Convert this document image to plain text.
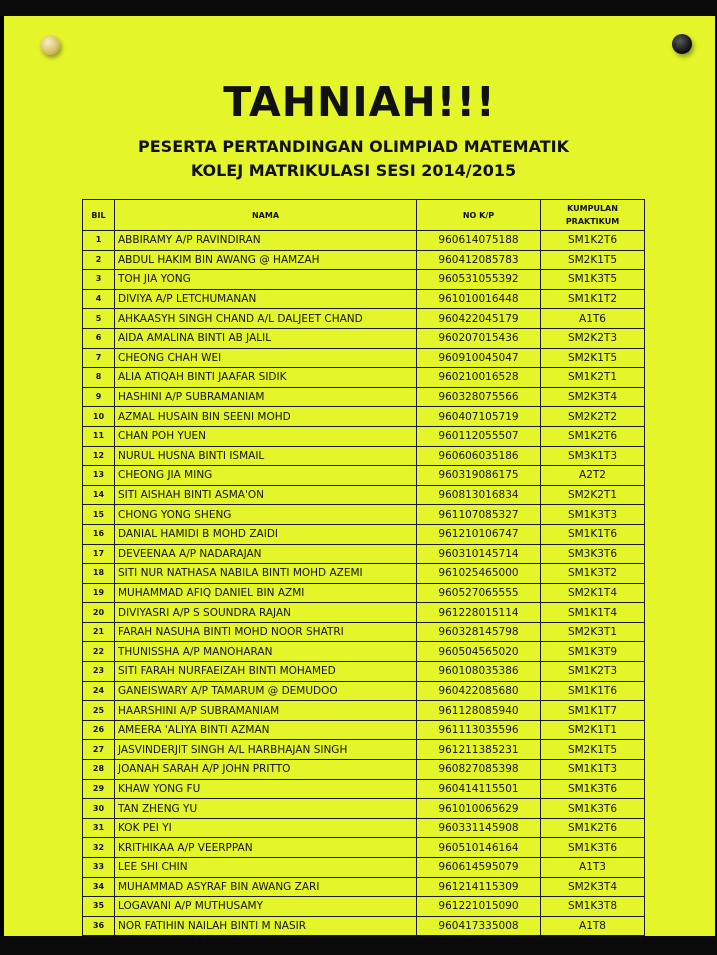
TAHNIAH!!!
PESERTA PERTANDINGAN OLIMPIAD MATEMATIK
KOLEJ MATRIKULASI SESI 2014/2015
BIL	NAMA	NO K/P	KUMPULAN
PRAKTIKUM

1	ABBIRAMY A/P RAVINDIRAN	960614075188	SM1K2T6
2	ABDUL HAKIM BIN AWANG @ HAMZAH	960412085783	SM2K1T5
3	TOH JIA YONG	960531055392	SM1K3T5
4	DIVIYA A/P LETCHUMANAN	961010016448	SM1K1T2
5	AHKAASYH SINGH CHAND A/L DALJEET CHAND	960422045179	A1T6
6	AIDA AMALINA BINTI AB JALIL	960207015436	SM2K2T3
7	CHEONG CHAH WEI	960910045047	SM2K1T5
8	ALIA ATIQAH BINTI JAAFAR SIDIK	960210016528	SM1K2T1
9	HASHINI A/P SUBRAMANIAM	960328075566	SM2K3T4
10	AZMAL HUSAIN BIN SEENI MOHD	960407105719	SM2K2T2
11	CHAN POH YUEN	960112055507	SM1K2T6
12	NURUL HUSNA BINTI ISMAIL	960606035186	SM3K1T3
13	CHEONG JIA MING	960319086175	A2T2
14	SITI AISHAH BINTI ASMA'ON	960813016834	SM2K2T1
15	CHONG YONG SHENG	961107085327	SM1K3T3
16	DANIAL HAMIDI B MOHD ZAIDI	961210106747	SM1K1T6
17	DEVEENAA A/P NADARAJAN	960310145714	SM3K3T6
18	SITI NUR NATHASA NABILA BINTI MOHD AZEMI	961025465000	SM1K3T2
19	MUHAMMAD AFIQ DANIEL BIN AZMI	960527065555	SM2K1T4
20	DIVIYASRI A/P S SOUNDRA RAJAN	961228015114	SM1K1T4
21	FARAH NASUHA BINTI MOHD NOOR SHATRI	960328145798	SM2K3T1
22	THUNISSHA A/P MANOHARAN	960504565020	SM1K3T9
23	SITI FARAH NURFAEIZAH BINTI MOHAMED	960108035386	SM1K2T3
24	GANEISWARY A/P TAMARUM @ DEMUDOO	960422085680	SM1K1T6
25	HAARSHINI A/P SUBRAMANIAM	961128085940	SM1K1T7
26	AMEERA 'ALIYA BINTI AZMAN	961113035596	SM2K1T1
27	JASVINDERJIT SINGH A/L HARBHAJAN SINGH	961211385231	SM2K1T5
28	JOANAH SARAH A/P JOHN PRITTO	960827085398	SM1K1T3
29	KHAW YONG FU	960414115501	SM1K3T6
30	TAN ZHENG YU	961010065629	SM1K3T6
31	KOK PEI YI	960331145908	SM1K2T6
32	KRITHIKAA A/P VEERPPAN	960510146164	SM1K3T6
33	LEE SHI CHIN	960614595079	A1T3
34	MUHAMMAD ASYRAF BIN AWANG ZARI	961214115309	SM2K3T4
35	LOGAVANI A/P MUTHUSAMY	961221015090	SM1K3T8
36	NOR FATIHIN NAILAH BINTI M NASIR	960417335008	A1T8
